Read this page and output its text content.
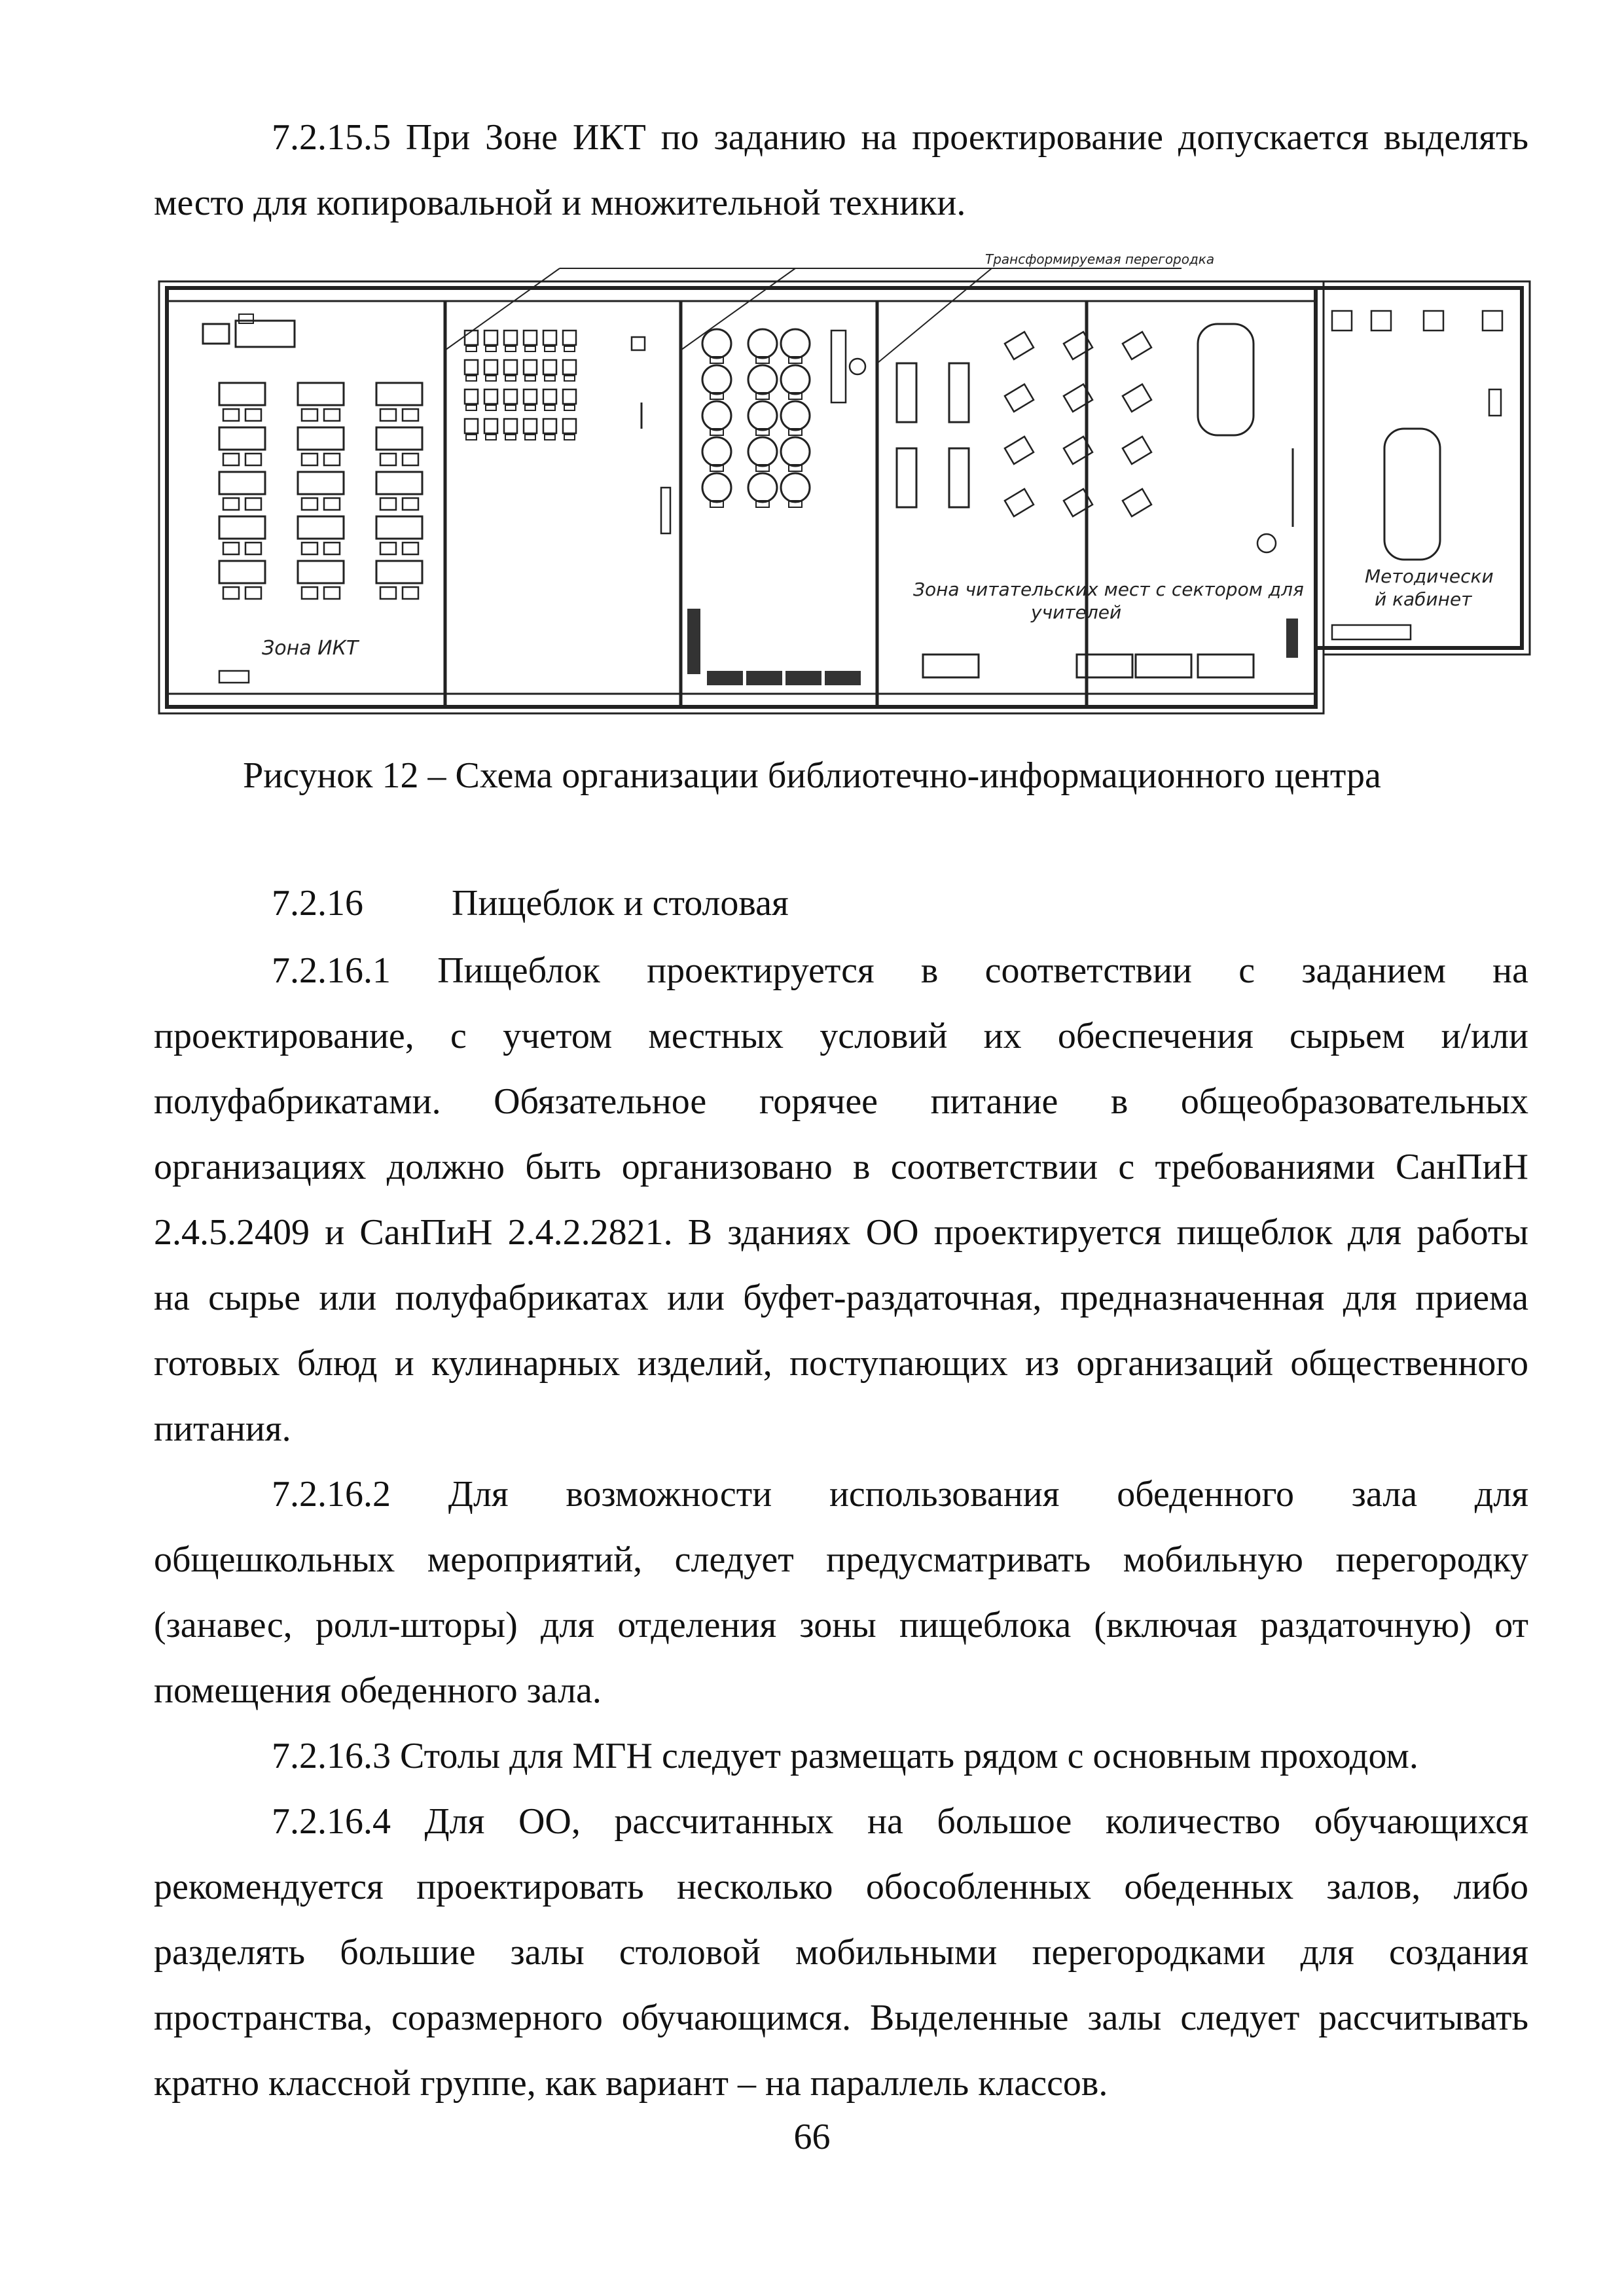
7.2.15.5 При Зоне ИКТ по заданию на проектирование допускается выделять
место для копировальной и множительной техники.
Трансформируемая перегородка
Зона ИКТ
Зона читательских мест с сектором для
учителей
Методически
й кабинет
Рисунок 12 – Схема организации библиотечно-информационного центра
7.2.16 Пищеблок и столовая
7.2.16.1 Пищеблок проектируется в соответствии с заданием на
проектирование, с учетом местных условий их обеспечения сырьем и/или
полуфабрикатами. Обязательное горячее питание в общеобразовательных
организациях должно быть организовано в соответствии с требованиями СанПиН
2.4.5.2409 и СанПиН 2.4.2.2821. В зданиях ОО проектируется пищеблок для работы
на сырье или полуфабрикатах или буфет-раздаточная, предназначенная для приема
готовых блюд и кулинарных изделий, поступающих из организаций общественного
питания.
7.2.16.2 Для возможности использования обеденного зала для
общешкольных мероприятий, следует предусматривать мобильную перегородку
(занавес, ролл-шторы) для отделения зоны пищеблока (включая раздаточную) от
помещения обеденного зала.
7.2.16.3 Столы для МГН следует размещать рядом с основным проходом.
7.2.16.4 Для ОО, рассчитанных на большое количество обучающихся
рекомендуется проектировать несколько обособленных обеденных залов, либо
разделять большие залы столовой мобильными перегородками для создания
пространства, соразмерного обучающимся. Выделенные залы следует рассчитывать
кратно классной группе, как вариант – на параллель классов.
66
